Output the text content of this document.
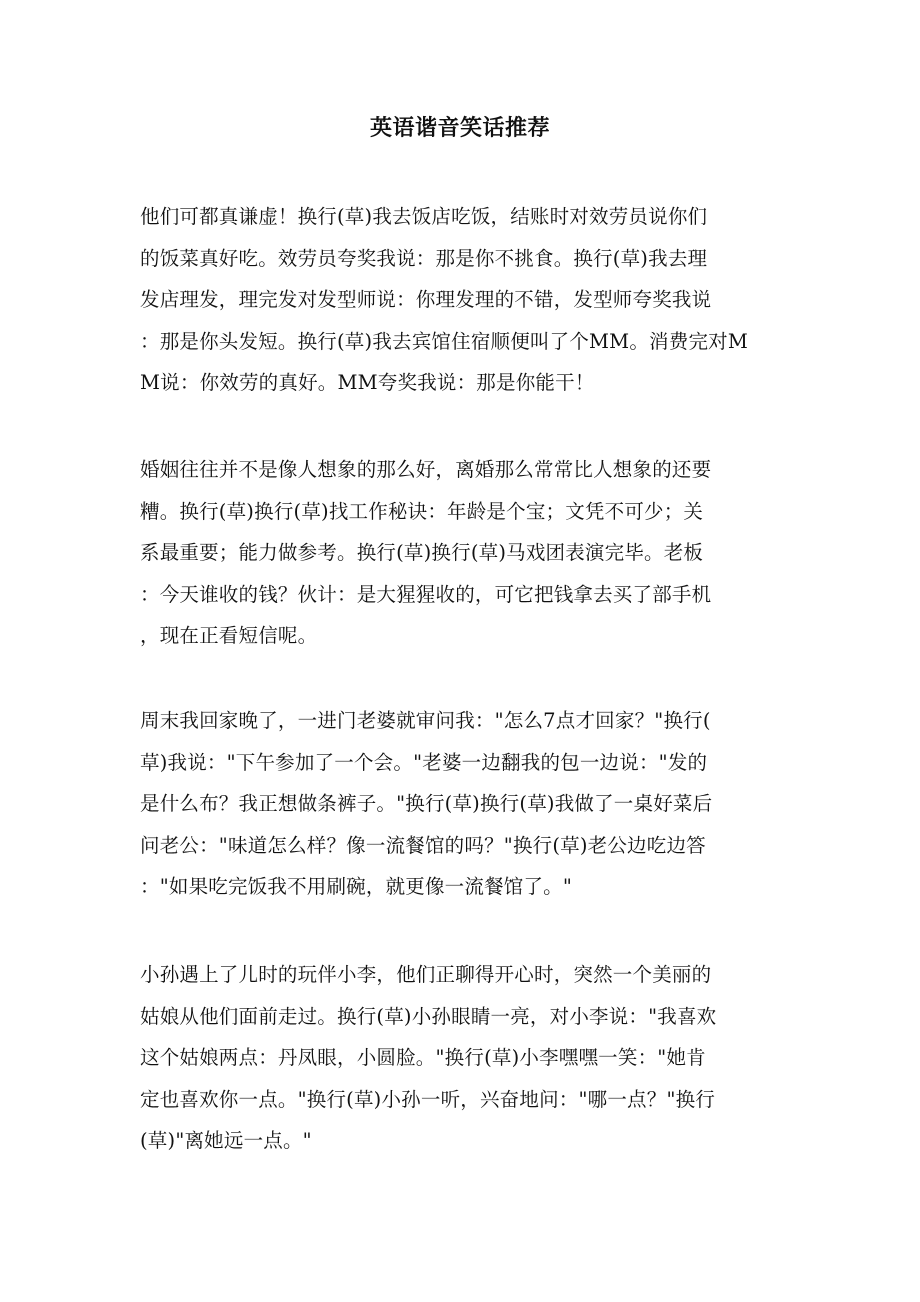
英语谐音笑话推荐
他们可都真谦虚！换行(草)我去饭店吃饭，结账时对效劳员说你们
的饭菜真好吃。效劳员夸奖我说：那是你不挑食。换行(草)我去理
发店理发，理完发对发型师说：你理发理的不错，发型师夸奖我说
：那是你头发短。换行(草)我去宾馆住宿顺便叫了个MM。消费完对M
M说：你效劳的真好。MM夸奖我说：那是你能干！
婚姻往往并不是像人想象的那么好，离婚那么常常比人想象的还要
糟。换行(草)换行(草)找工作秘诀：年龄是个宝；文凭不可少；关
系最重要；能力做参考。换行(草)换行(草)马戏团表演完毕。老板
：今天谁收的钱？伙计：是大猩猩收的，可它把钱拿去买了部手机
，现在正看短信呢。
周末我回家晚了，一进门老婆就审问我："怎么7点才回家？"换行(
草)我说："下午参加了一个会。"老婆一边翻我的包一边说："发的
是什么布？我正想做条裤子。"换行(草)换行(草)我做了一桌好菜后
问老公："味道怎么样？像一流餐馆的吗？"换行(草)老公边吃边答
："如果吃完饭我不用刷碗，就更像一流餐馆了。"
小孙遇上了儿时的玩伴小李，他们正聊得开心时，突然一个美丽的
姑娘从他们面前走过。换行(草)小孙眼睛一亮，对小李说："我喜欢
这个姑娘两点：丹凤眼，小圆脸。"换行(草)小李嘿嘿一笑："她肯
定也喜欢你一点。"换行(草)小孙一听，兴奋地问："哪一点？"换行
(草)"离她远一点。"
